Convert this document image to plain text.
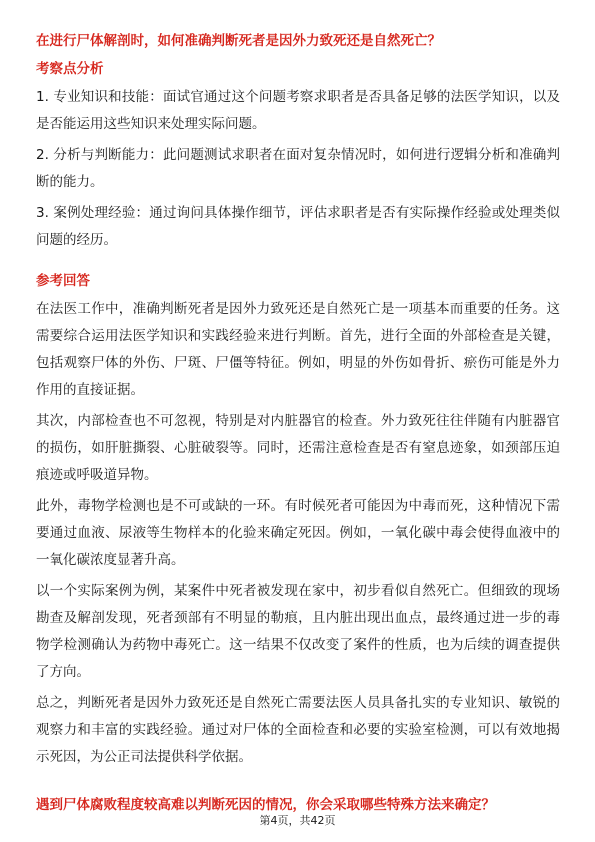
在进行尸体解剖时，如何准确判断死者是因外力致死还是自然死亡？

考察点分析

1. 专业知识和技能：面试官通过这个问题考察求职者是否具备足够的法医学知识，以及是否能运用这些知识来处理实际问题。

2. 分析与判断能力：此问题测试求职者在面对复杂情况时，如何进行逻辑分析和准确判断的能力。

3. 案例处理经验：通过询问具体操作细节，评估求职者是否有实际操作经验或处理类似问题的经历。

参考回答

在法医工作中，准确判断死者是因外力致死还是自然死亡是一项基本而重要的任务。这需要综合运用法医学知识和实践经验来进行判断。首先，进行全面的外部检查是关键，包括观察尸体的外伤、尸斑、尸僵等特征。例如，明显的外伤如骨折、瘀伤可能是外力作用的直接证据。

其次，内部检查也不可忽视，特别是对内脏器官的检查。外力致死往往伴随有内脏器官的损伤，如肝脏撕裂、心脏破裂等。同时，还需注意检查是否有窒息迹象，如颈部压迫痕迹或呼吸道异物。

此外，毒物学检测也是不可或缺的一环。有时候死者可能因为中毒而死，这种情况下需要通过血液、尿液等生物样本的化验来确定死因。例如，一氧化碳中毒会使得血液中的一氧化碳浓度显著升高。

以一个实际案例为例，某案件中死者被发现在家中，初步看似自然死亡。但细致的现场勘查及解剖发现，死者颈部有不明显的勒痕，且内脏出现出血点，最终通过进一步的毒物学检测确认为药物中毒死亡。这一结果不仅改变了案件的性质，也为后续的调查提供了方向。

总之，判断死者是因外力致死还是自然死亡需要法医人员具备扎实的专业知识、敏锐的观察力和丰富的实践经验。通过对尸体的全面检查和必要的实验室检测，可以有效地揭示死因，为公正司法提供科学依据。

遇到尸体腐败程度较高难以判断死因的情况，你会采取哪些特殊方法来确定？

第4页，共42页
